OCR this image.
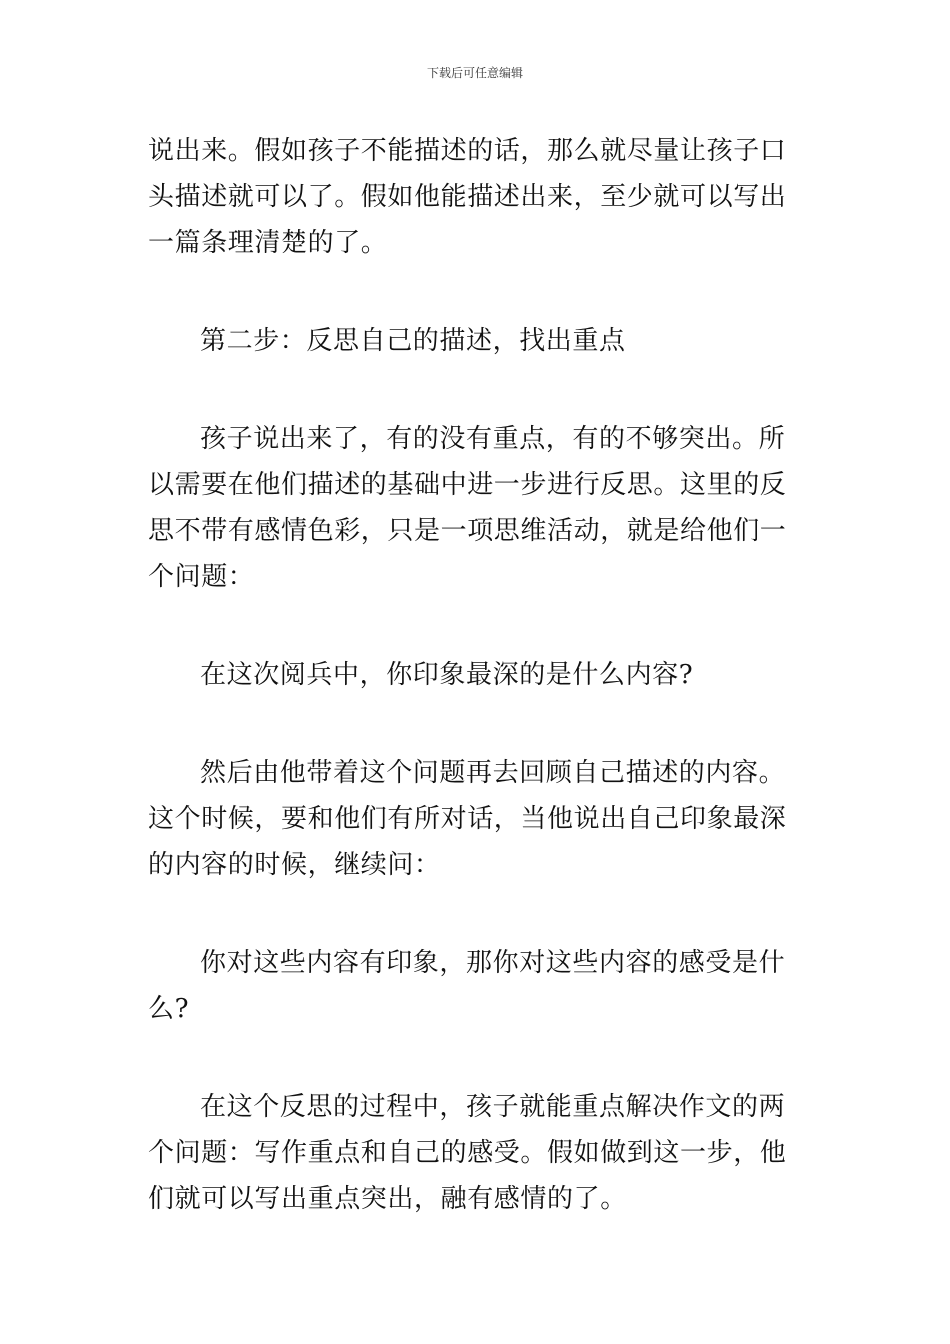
下载后可任意编辑

说出来。假如孩子不能描述的话，那么就尽量让孩子口头描述就可以了。假如他能描述出来，至少就可以写出一篇条理清楚的了。

第二步：反思自己的描述，找出重点

孩子说出来了，有的没有重点，有的不够突出。所以需要在他们描述的基础中进一步进行反思。这里的反思不带有感情色彩，只是一项思维活动，就是给他们一个问题：

在这次阅兵中，你印象最深的是什么内容?

然后由他带着这个问题再去回顾自己描述的内容。这个时候，要和他们有所对话，当他说出自己印象最深的内容的时候，继续问：

你对这些内容有印象，那你对这些内容的感受是什么?

在这个反思的过程中，孩子就能重点解决作文的两个问题：写作重点和自己的感受。假如做到这一步，他们就可以写出重点突出，融有感情的了。
